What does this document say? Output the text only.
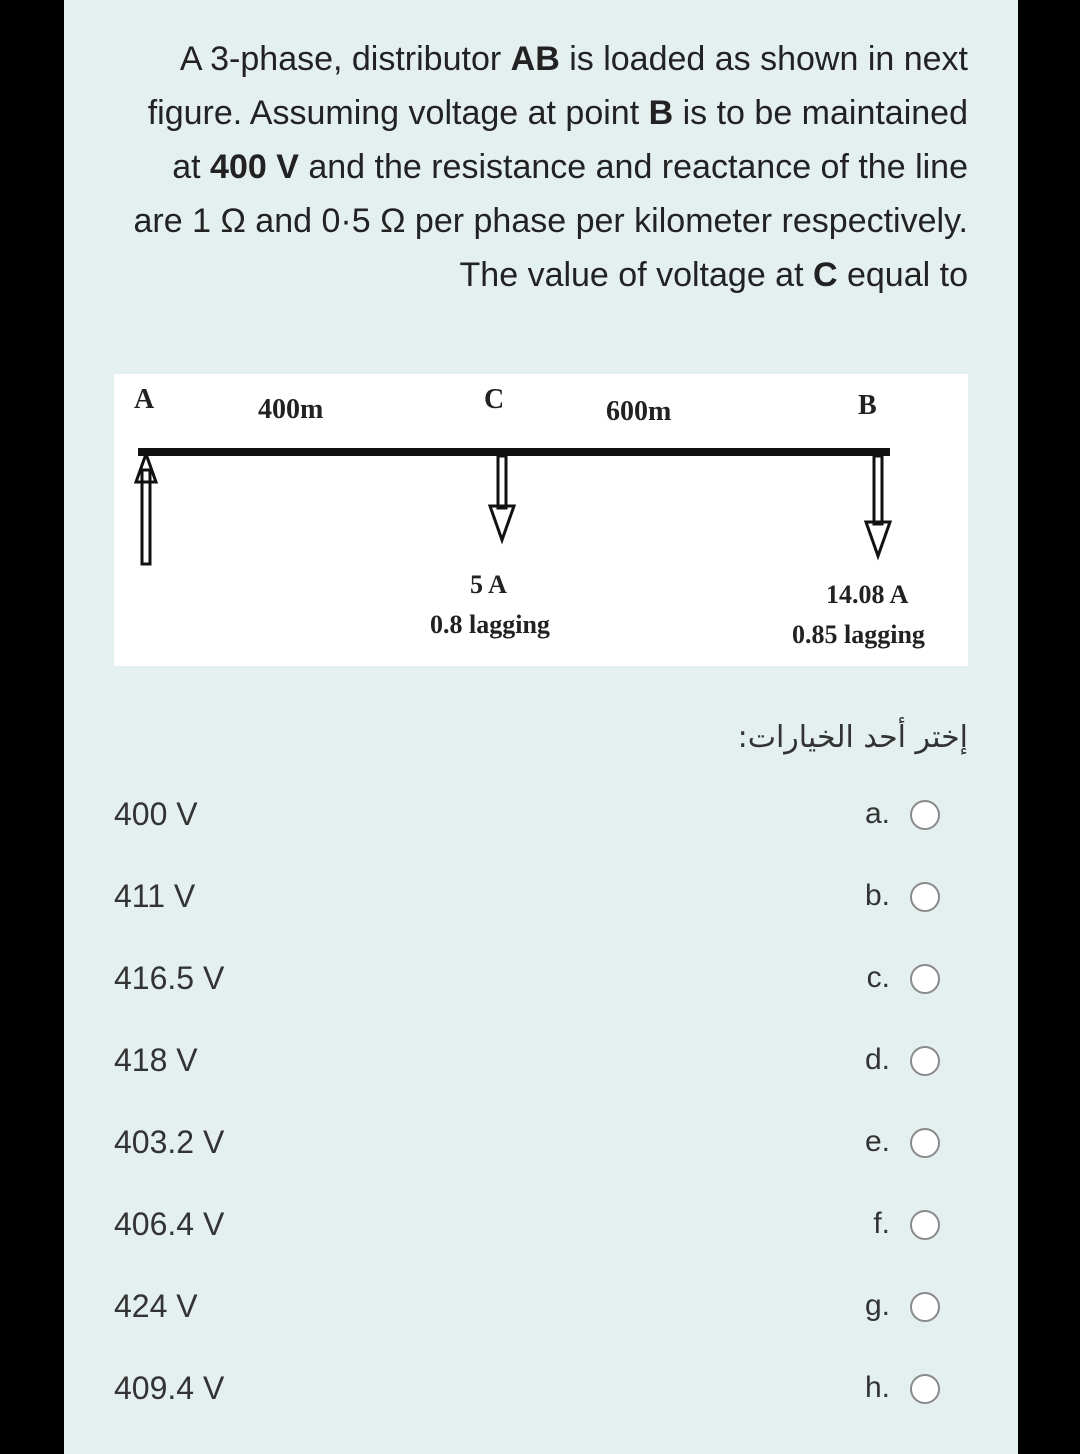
A 3-phase, distributor AB is loaded as shown in next figure. Assuming voltage at point B is to be maintained at 400 V and the resistance and reactance of the line are 1 Ω and 0·5 Ω per phase per kilometer respectively. The value of voltage at C equal to
A	400m	C	600m	B
5 A
0.8 lagging
14.08 A
0.85 lagging
إختر أحد الخيارات:
400 V	a.
411 V	b.
416.5 V	c.
418 V	d.
403.2 V	e.
406.4 V	f.
424 V	g.
409.4 V	h.
